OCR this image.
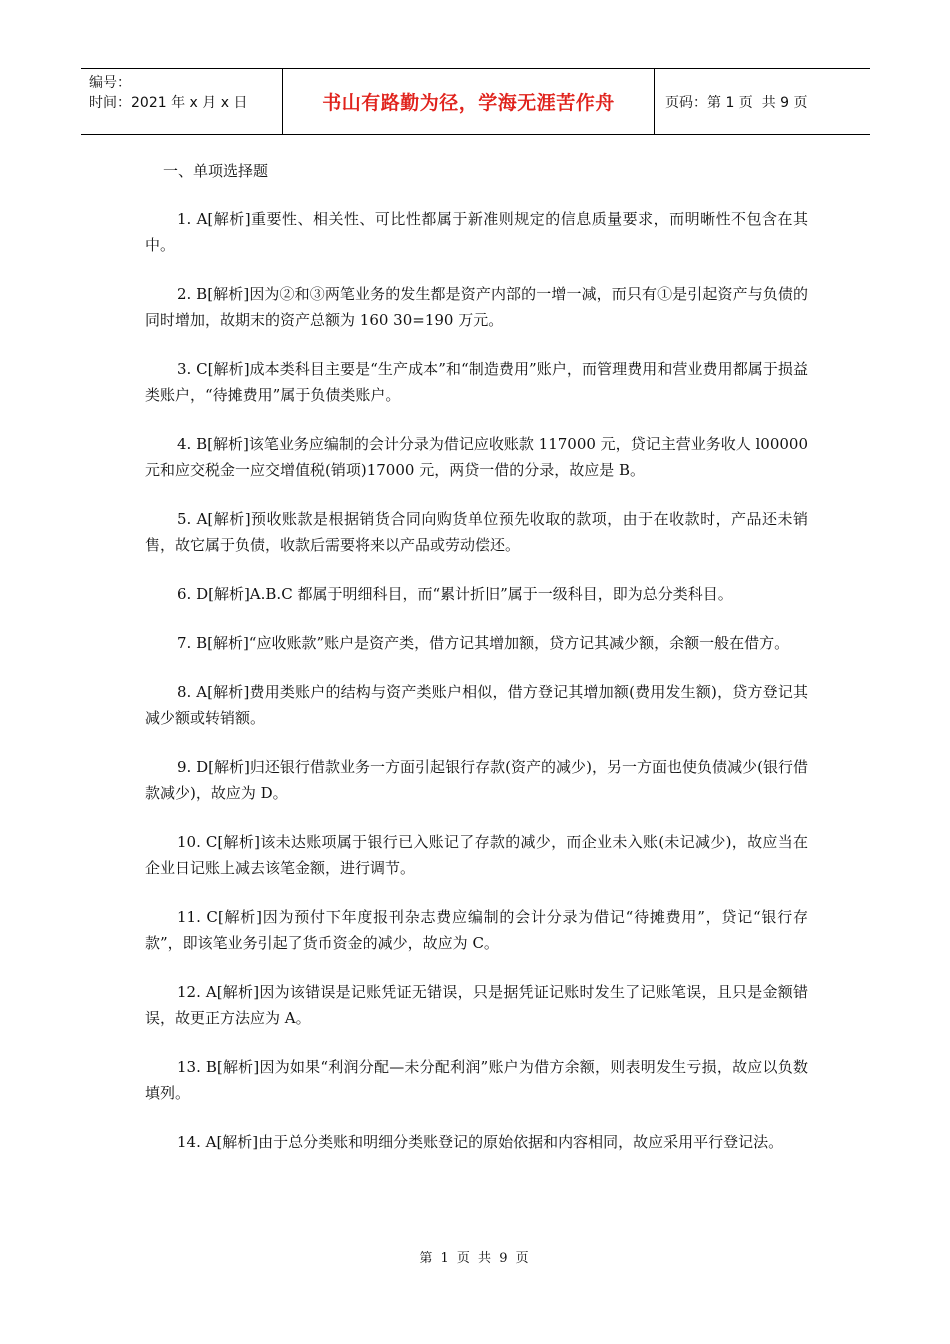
编号：
时间：2021 年 x 月 x 日	书山有路勤为径，学海无涯苦作舟	页码：第 1 页  共 9 页
一、单项选择题

1. A[解析]重要性、相关性、可比性都属于新准则规定的信息质量要求，而明晰性不包含在其中。

2. B[解析]因为②和③两笔业务的发生都是资产内部的一增一减，而只有①是引起资产与负债的同时增加，故期末的资产总额为 160 30=190 万元。

3. C[解析]成本类科目主要是“生产成本”和“制造费用”账户，而管理费用和营业费用都属于损益类账户，“待摊费用”属于负债类账户。

4. B[解析]该笔业务应编制的会计分录为借记应收账款 117000 元，贷记主营业务收人 l00000 元和应交税金一应交增值税(销项)17000 元，两贷一借的分录，故应是 B。

5. A[解析]预收账款是根据销货合同向购货单位预先收取的款项，由于在收款时，产品还未销售，故它属于负债，收款后需要将来以产品或劳动偿还。

6. D[解析]A.B.C 都属于明细科目，而“累计折旧”属于一级科目，即为总分类科目。

7. B[解析]“应收账款”账户是资产类，借方记其增加额，贷方记其减少额，余额一般在借方。

8. A[解析]费用类账户的结构与资产类账户相似，借方登记其增加额(费用发生额)，贷方登记其减少额或转销额。

9. D[解析]归还银行借款业务一方面引起银行存款(资产的减少)，另一方面也使负债减少(银行借款减少)，故应为 D。

10. C[解析]该未达账项属于银行已入账记了存款的减少，而企业未入账(未记减少)，故应当在企业日记账上减去该笔金额，进行调节。

11. C[解析]因为预付下年度报刊杂志费应编制的会计分录为借记“待摊费用”，贷记“银行存款”，即该笔业务引起了货币资金的减少，故应为 C。

12. A[解析]因为该错误是记账凭证无错误，只是据凭证记账时发生了记账笔误，且只是金额错误，故更正方法应为 A。

13. B[解析]因为如果“利润分配—未分配利润”账户为借方余额，则表明发生亏损，故应以负数填列。

14. A[解析]由于总分类账和明细分类账登记的原始依据和内容相同，故应采用平行登记法。

第 1 页 共 9 页
